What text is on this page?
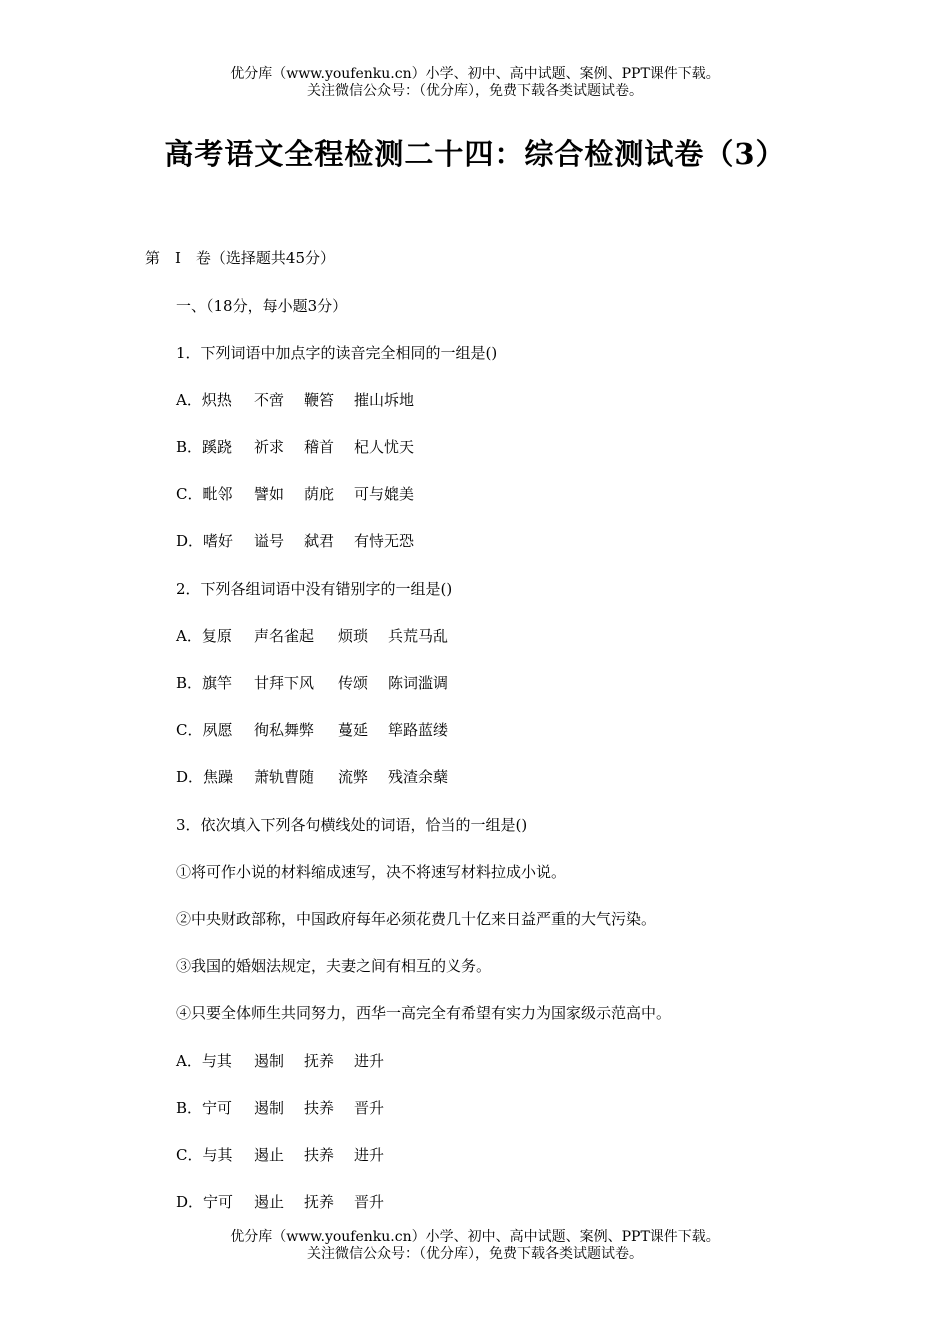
优分库（www.youfenku.cn）小学、初中、高中试题、案例、PPT课件下载。
关注微信公众号：（优分库），免费下载各类试题试卷。
高考语文全程检测二十四：综合检测试卷（3）
第　Ⅰ　卷（选择题共45分）
一、（18分，每小题3分）
1．下列词语中加点字的读音完全相同的一组是()
A．炽热 不啻 鞭笞 摧山坼地
B．蹊跷 祈求 稽首 杞人忧天
C．毗邻 譬如 荫庇 可与媲美
D．嗜好 谥号 弑君 有恃无恐
2．下列各组词语中没有错别字的一组是()
A．复原 声名雀起 烦琐 兵荒马乱
B．旗竿 甘拜下风 传颂 陈词滥调
C．夙愿 徇私舞弊 蔓延 筚路蓝缕
D．焦躁 萧轨曹随 流弊 残渣余蘖
3．依次填入下列各句横线处的词语，恰当的一组是()
①将可作小说的材料缩成速写，决不将速写材料拉成小说。
②中央财政部称，中国政府每年必须花费几十亿来日益严重的大气污染。
③我国的婚姻法规定，夫妻之间有相互的义务。
④只要全体师生共同努力，西华一高完全有希望有实力为国家级示范高中。
A．与其 遏制 抚养 进升
B．宁可 遏制 扶养 晋升
C．与其 遏止 扶养 进升
D．宁可 遏止 抚养 晋升
优分库（www.youfenku.cn）小学、初中、高中试题、案例、PPT课件下载。
关注微信公众号：（优分库），免费下载各类试题试卷。
